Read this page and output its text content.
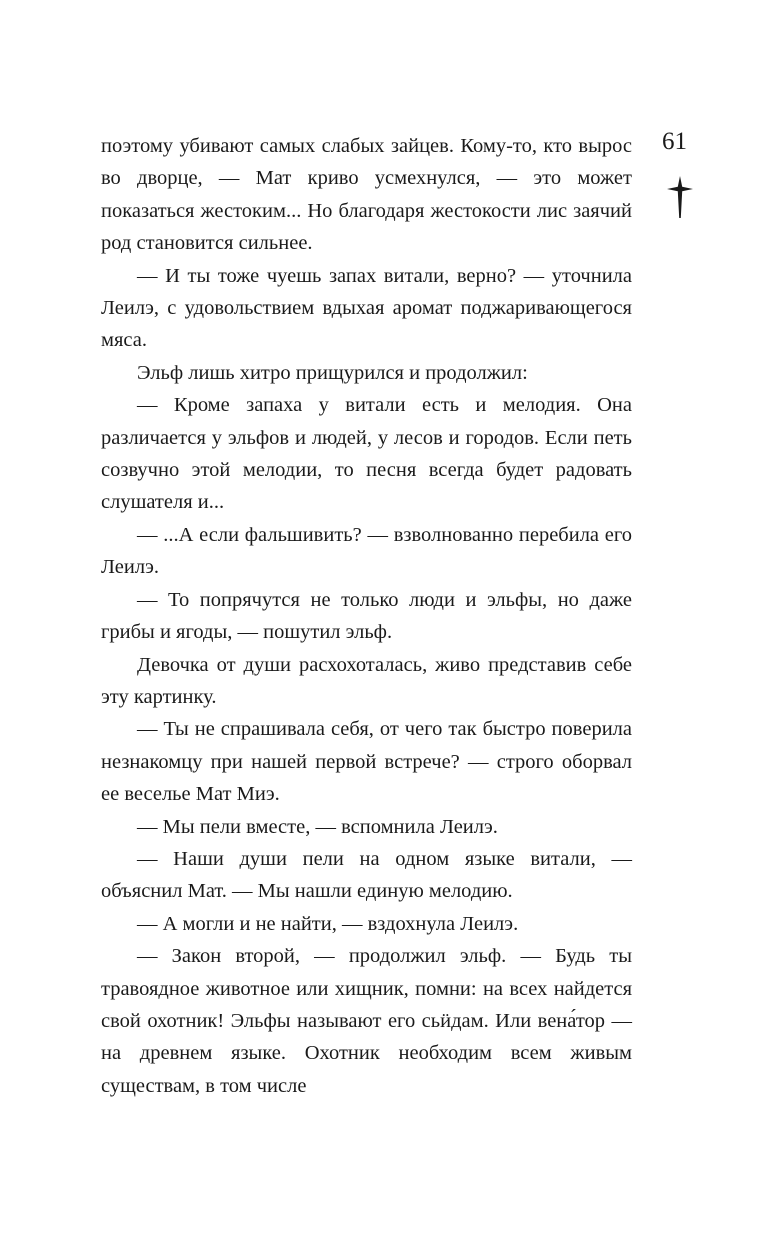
61

поэтому убивают самых слабых зайцев. Кому-то, кто вырос во дворце, — Мат криво усмехнулся, — это может показаться жестоким... Но благодаря жестокости лис заячий род становится сильнее.

— И ты тоже чуешь запах витали, верно? — уточнила Леилэ, с удовольствием вдыхая аромат поджаривающегося мяса.

Эльф лишь хитро прищурился и продолжил:

— Кроме запаха у витали есть и мелодия. Она различается у эльфов и людей, у лесов и городов. Если петь созвучно этой мелодии, то песня всегда будет радовать слушателя и...

— ...А если фальшивить? — взволнованно перебила его Леилэ.

— То попрячутся не только люди и эльфы, но даже грибы и ягоды, — пошутил эльф.

Девочка от души расхохоталась, живо представив себе эту картинку.

— Ты не спрашивала себя, от чего так быстро поверила незнакомцу при нашей первой встрече? — строго оборвал ее веселье Мат Миэ.

— Мы пели вместе, — вспомнила Леилэ.

— Наши души пели на одном языке витали, — объяснил Мат. — Мы нашли единую мелодию.

— А могли и не найти, — вздохнула Леилэ.

— Закон второй, — продолжил эльф. — Будь ты травоядное животное или хищник, помни: на всех найдется свой охотник! Эльфы называют его сьӥдам. Или вена́тор — на древнем языке. Охотник необходим всем живым существам, в том числе
